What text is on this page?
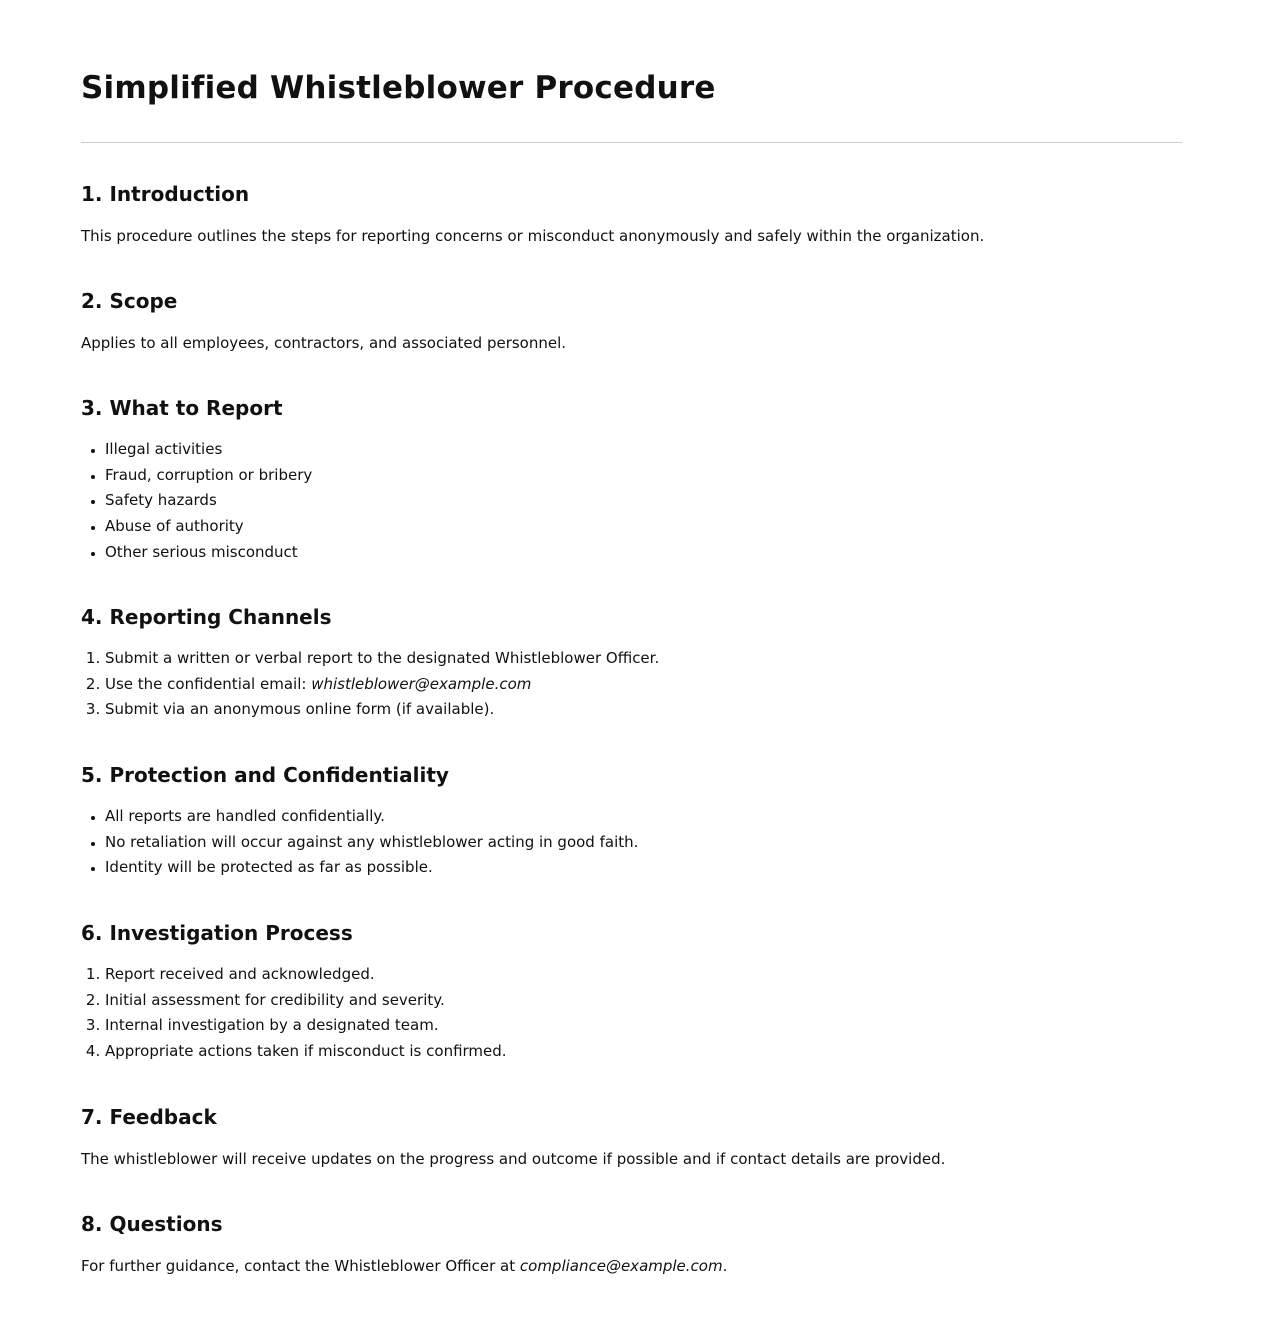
Simplified Whistleblower Procedure
1. Introduction

This procedure outlines the steps for reporting concerns or misconduct anonymously and safely within the organization.

2. Scope

Applies to all employees, contractors, and associated personnel.

3. What to Report
• Illegal activities
• Fraud, corruption or bribery
• Safety hazards
• Abuse of authority
• Other serious misconduct
4. Reporting Channels
1. Submit a written or verbal report to the designated Whistleblower Officer.
2. Use the confidential email: whistleblower@example.com
3. Submit via an anonymous online form (if available).
5. Protection and Confidentiality
• All reports are handled confidentially.
• No retaliation will occur against any whistleblower acting in good faith.
• Identity will be protected as far as possible.
6. Investigation Process
1. Report received and acknowledged.
2. Initial assessment for credibility and severity.
3. Internal investigation by a designated team.
4. Appropriate actions taken if misconduct is confirmed.
7. Feedback

The whistleblower will receive updates on the progress and outcome if possible and if contact details are provided.

8. Questions

For further guidance, contact the Whistleblower Officer at compliance@example.com.
